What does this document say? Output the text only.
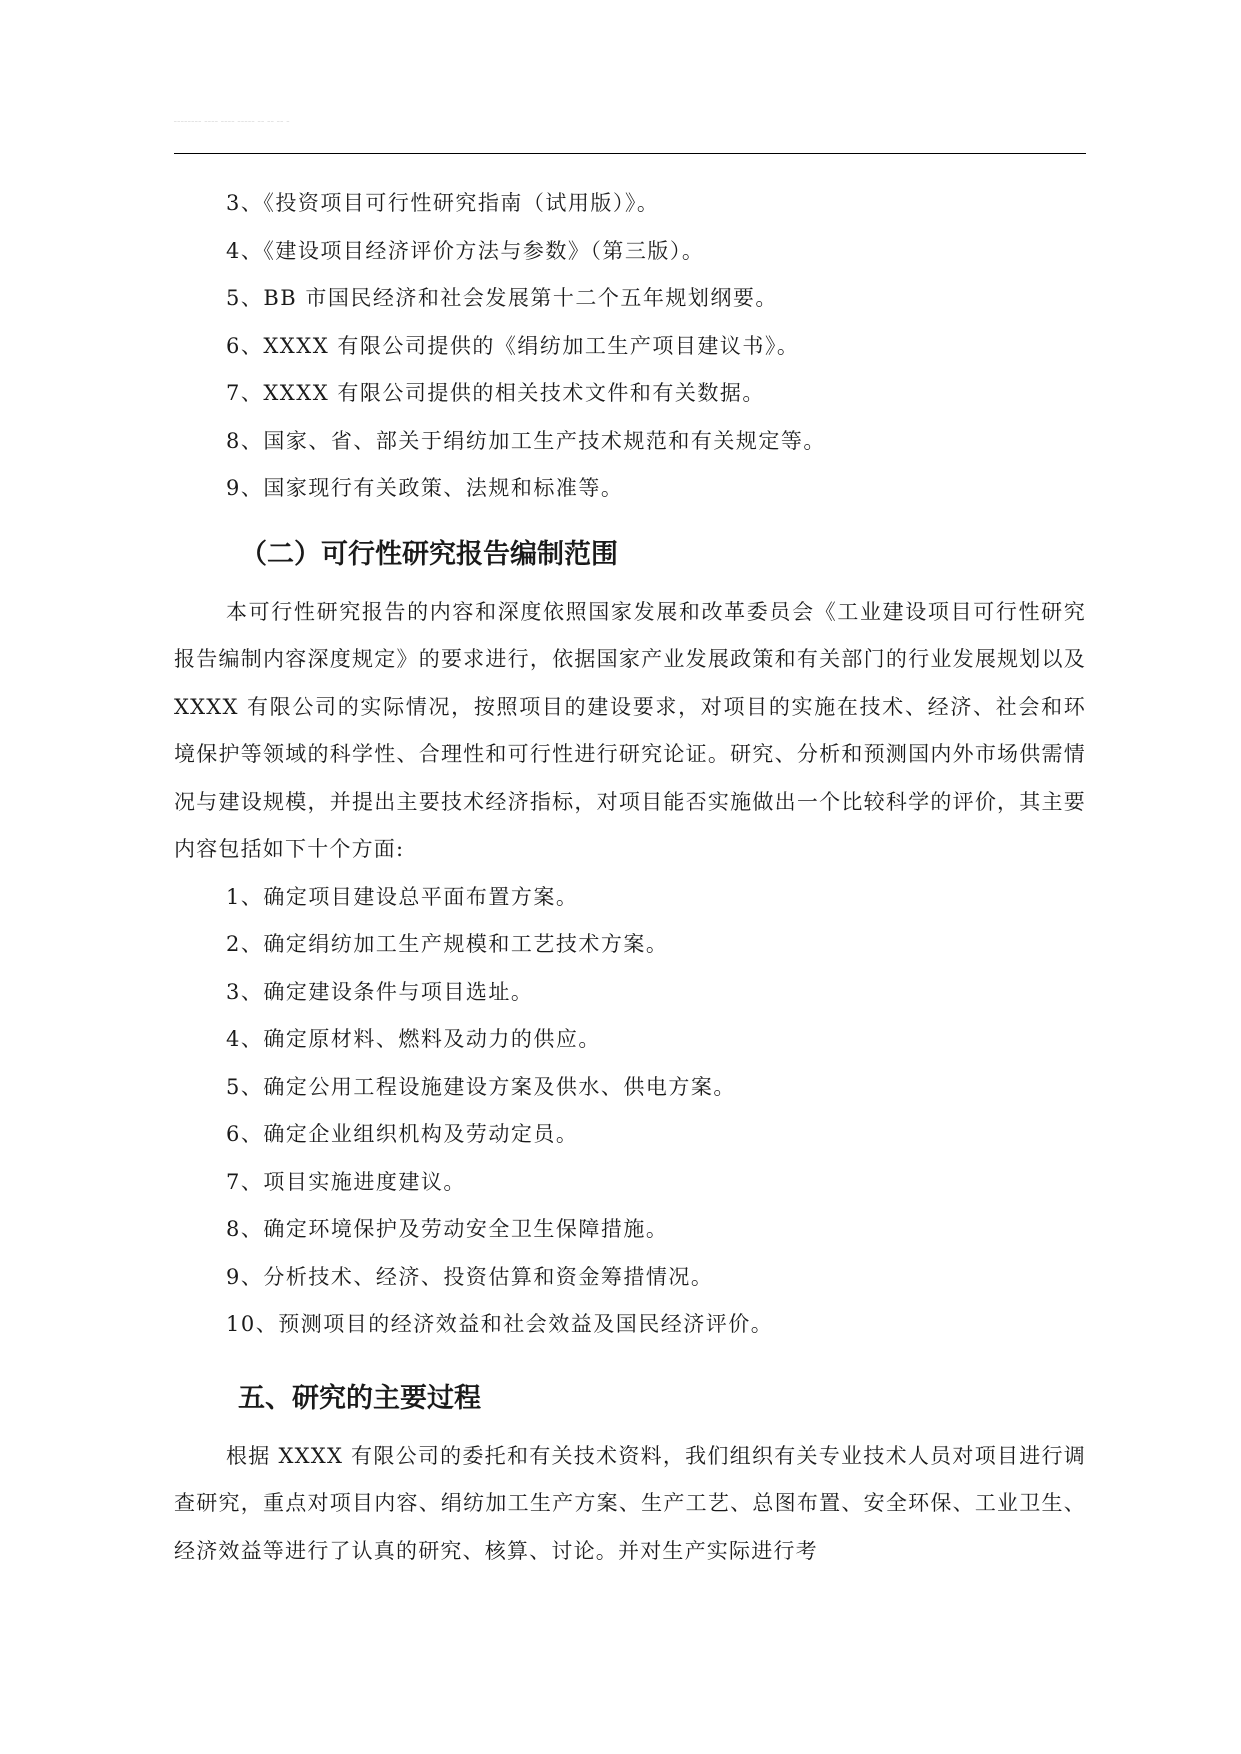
________ ____ ____ _____ __ __ __ _
3、《投资项目可行性研究指南（试用版）》。
4、《建设项目经济评价方法与参数》（第三版）。
5、BB 市国民经济和社会发展第十二个五年规划纲要。
6、XXXX 有限公司提供的《绢纺加工生产项目建议书》。
7、XXXX 有限公司提供的相关技术文件和有关数据。
8、国家、省、部关于绢纺加工生产技术规范和有关规定等。
9、国家现行有关政策、法规和标准等。
（二）可行性研究报告编制范围
本可行性研究报告的内容和深度依照国家发展和改革委员会《工业建设项目可行性研究报告编制内容深度规定》的要求进行，依据国家产业发展政策和有关部门的行业发展规划以及 XXXX 有限公司的实际情况，按照项目的建设要求，对项目的实施在技术、经济、社会和环境保护等领域的科学性、合理性和可行性进行研究论证。研究、分析和预测国内外市场供需情况与建设规模，并提出主要技术经济指标，对项目能否实施做出一个比较科学的评价，其主要内容包括如下十个方面:
1、确定项目建设总平面布置方案。
2、确定绢纺加工生产规模和工艺技术方案。
3、确定建设条件与项目选址。
4、确定原材料、燃料及动力的供应。
5、确定公用工程设施建设方案及供水、供电方案。
6、确定企业组织机构及劳动定员。
7、项目实施进度建议。
8、确定环境保护及劳动安全卫生保障措施。
9、分析技术、经济、投资估算和资金筹措情况。
10、预测项目的经济效益和社会效益及国民经济评价。
五、研究的主要过程
根据 XXXX 有限公司的委托和有关技术资料，我们组织有关专业技术人员对项目进行调查研究，重点对项目内容、绢纺加工生产方案、生产工艺、总图布置、安全环保、工业卫生、经济效益等进行了认真的研究、核算、讨论。并对生产实际进行考
